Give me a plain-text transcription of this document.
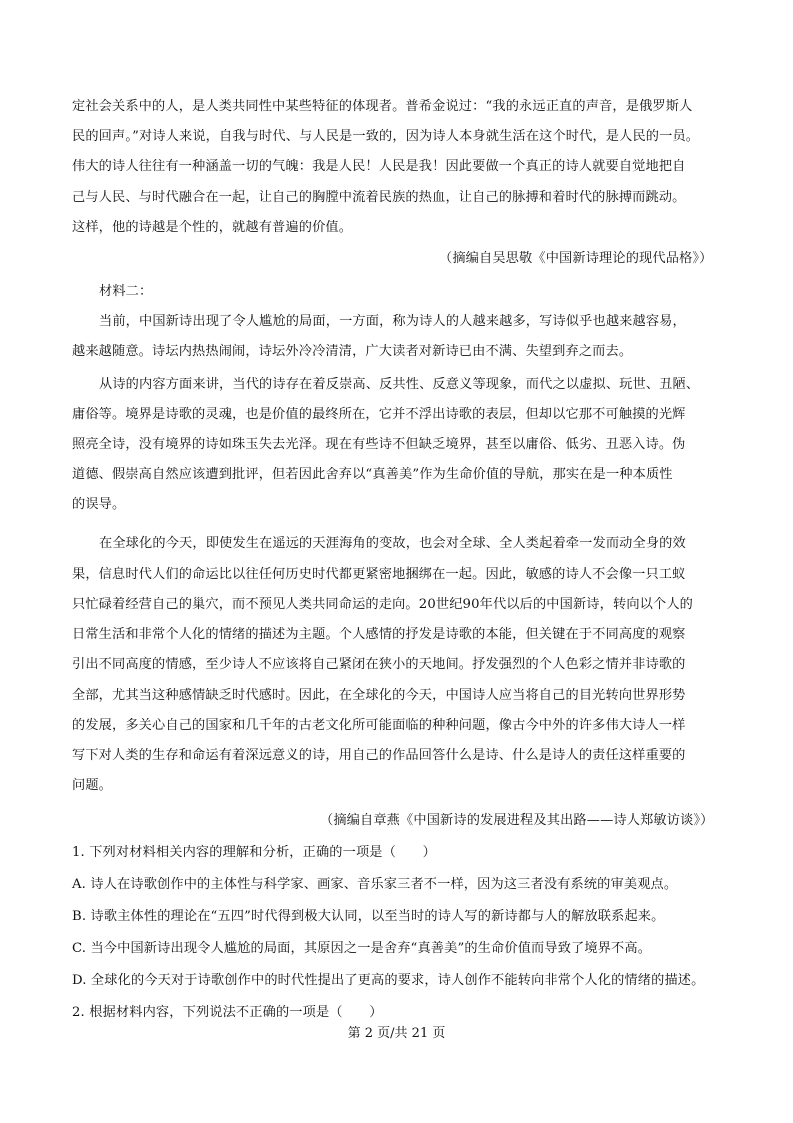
定社会关系中的人，是人类共同性中某些特征的体现者。普希金说过：“我的永远正直的声音，是俄罗斯人
民的回声。”对诗人来说，自我与时代、与人民是一致的，因为诗人本身就生活在这个时代，是人民的一员。
伟大的诗人往往有一种涵盖一切的气魄：我是人民！人民是我！因此要做一个真正的诗人就要自觉地把自
己与人民、与时代融合在一起，让自己的胸膛中流着民族的热血，让自己的脉搏和着时代的脉搏而跳动。
这样，他的诗越是个性的，就越有普遍的价值。
（摘编自吴思敬《中国新诗理论的现代品格》）
材料二：
当前，中国新诗出现了令人尴尬的局面，一方面，称为诗人的人越来越多，写诗似乎也越来越容易，
越来越随意。诗坛内热热闹闹，诗坛外冷冷清清，广大读者对新诗已由不满、失望到弃之而去。
从诗的内容方面来讲，当代的诗存在着反崇高、反共性、反意义等现象，而代之以虚拟、玩世、丑陋、
庸俗等。境界是诗歌的灵魂，也是价值的最终所在，它并不浮出诗歌的表层，但却以它那不可触摸的光辉
照亮全诗，没有境界的诗如珠玉失去光泽。现在有些诗不但缺乏境界，甚至以庸俗、低劣、丑恶入诗。伪
道德、假崇高自然应该遭到批评，但若因此舍弃以“真善美”作为生命价值的导航，那实在是一种本质性
的误导。
在全球化的今天，即使发生在遥远的天涯海角的变故，也会对全球、全人类起着牵一发而动全身的效
果，信息时代人们的命运比以往任何历史时代都更紧密地捆绑在一起。因此，敏感的诗人不会像一只工蚁
只忙碌着经营自己的巢穴，而不预见人类共同命运的走向。20世纪90年代以后的中国新诗，转向以个人的
日常生活和非常个人化的情绪的描述为主题。个人感情的抒发是诗歌的本能，但关键在于不同高度的观察
引出不同高度的情感，至少诗人不应该将自己紧闭在狭小的天地间。抒发强烈的个人色彩之情并非诗歌的
全部，尤其当这种感情缺乏时代感时。因此，在全球化的今天，中国诗人应当将自己的目光转向世界形势
的发展，多关心自己的国家和几千年的古老文化所可能面临的种种问题，像古今中外的许多伟大诗人一样
写下对人类的生存和命运有着深远意义的诗，用自己的作品回答什么是诗、什么是诗人的责任这样重要的
问题。
（摘编自章燕《中国新诗的发展进程及其出路——诗人郑敏访谈》）
1. 下列对材料相关内容的理解和分析，正确的一项是（　　）
A. 诗人在诗歌创作中的主体性与科学家、画家、音乐家三者不一样，因为这三者没有系统的审美观点。
B. 诗歌主体性的理论在“五四”时代得到极大认同，以至当时的诗人写的新诗都与人的解放联系起来。
C. 当今中国新诗出现令人尴尬的局面，其原因之一是舍弃“真善美”的生命价值而导致了境界不高。
D. 全球化的今天对于诗歌创作中的时代性提出了更高的要求，诗人创作不能转向非常个人化的情绪的描述。
2. 根据材料内容，下列说法不正确的一项是（　　）
第 2 页/共 21 页
